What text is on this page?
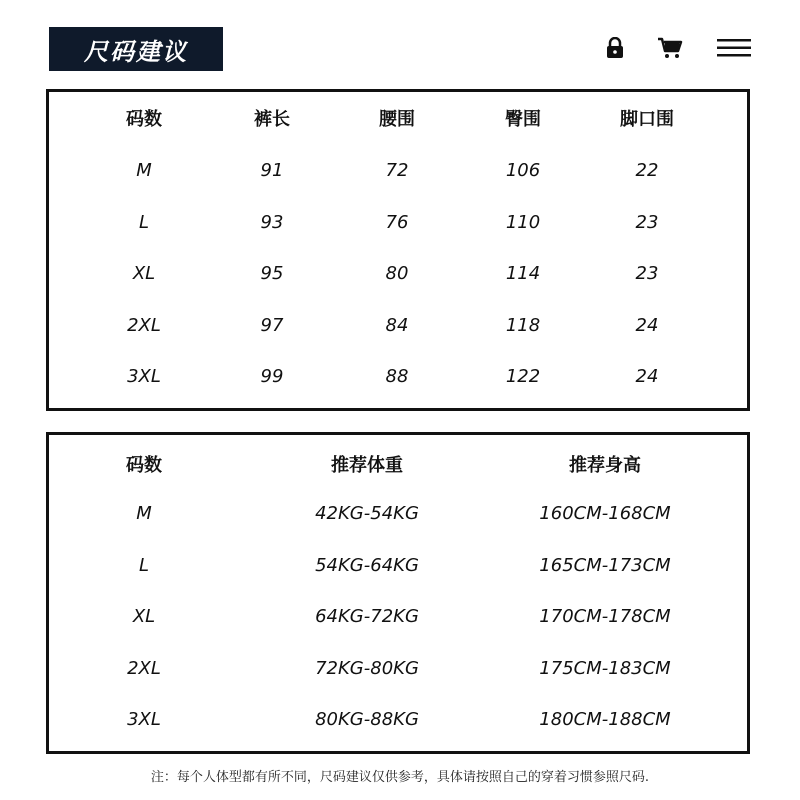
尺码建议
码数	裤长	腰围	臀围	脚口围
M	91	72	106	22
L	93	76	110	23
XL	95	80	114	23
2XL	97	84	118	24
3XL	99	88	122	24
码数	推荐体重	推荐身高
M	42KG-54KG	160CM-168CM
L	54KG-64KG	165CM-173CM
XL	64KG-72KG	170CM-178CM
2XL	72KG-80KG	175CM-183CM
3XL	80KG-88KG	180CM-188CM
注：每个人体型都有所不同，尺码建议仅供参考，具体请按照自己的穿着习惯参照尺码.
